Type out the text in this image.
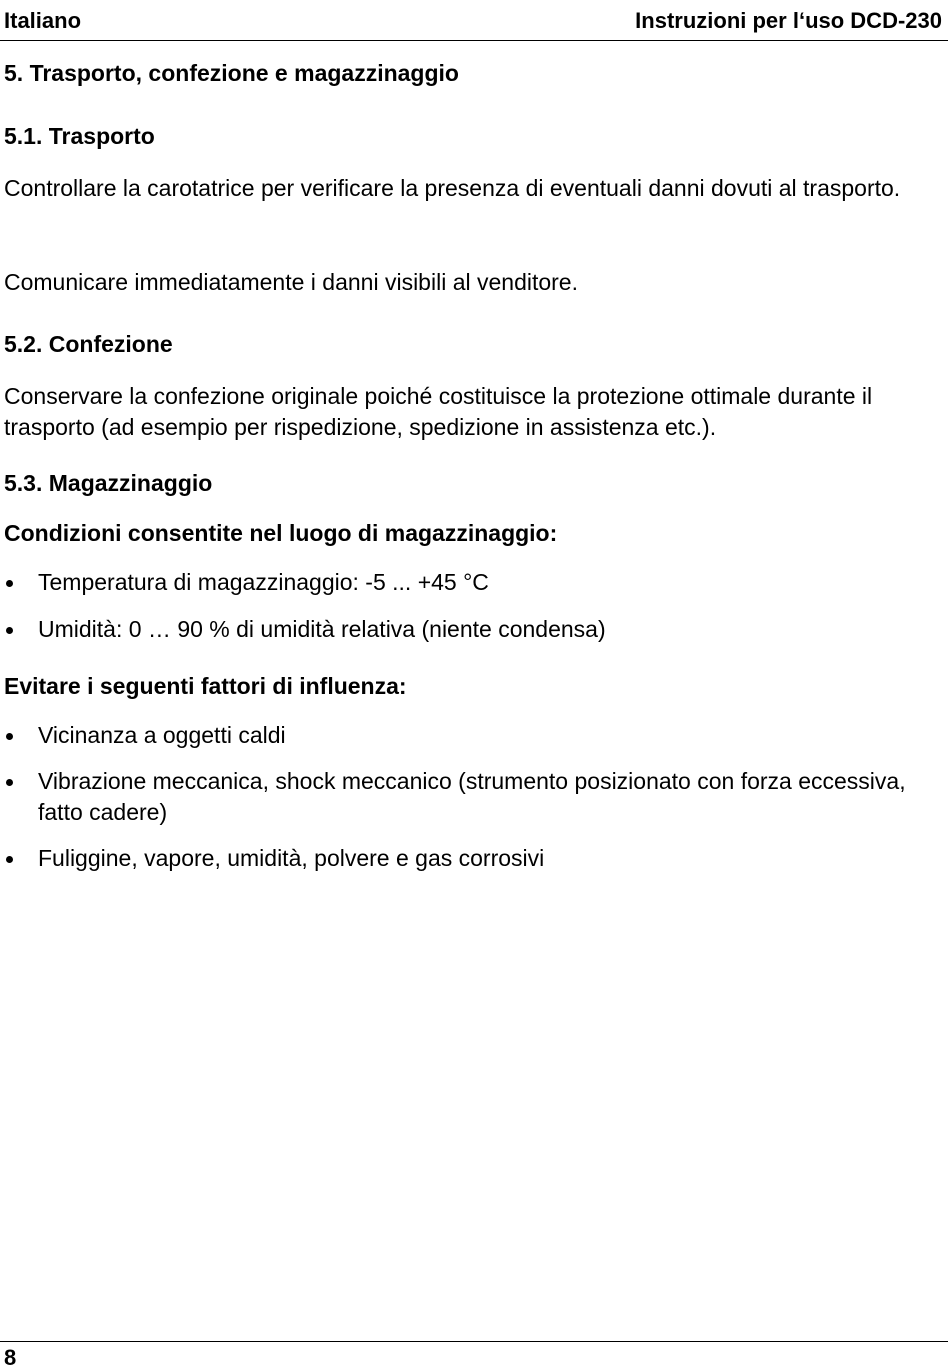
Italiano	Instruzioni per l‘uso DCD-230
5. Trasporto, confezione e magazzinaggio
5.1. Trasporto
Controllare la carotatrice per verificare la presenza di eventuali danni dovuti al trasporto.
Comunicare immediatamente i danni visibili al venditore.
5.2. Confezione
Conservare la confezione originale poiché costituisce la protezione ottimale durante il trasporto (ad esempio per rispedizione, spedizione in assistenza etc.).
5.3. Magazzinaggio
Condizioni consentite nel luogo di magazzinaggio:
Temperatura di magazzinaggio: -5 ... +45 °C
Umidità: 0 … 90 % di umidità relativa (niente condensa)
Evitare i seguenti fattori di influenza:
Vicinanza a oggetti caldi
Vibrazione meccanica, shock meccanico (strumento posizionato con forza eccessiva, fatto cadere)
Fuliggine, vapore, umidità, polvere e gas corrosivi
8
